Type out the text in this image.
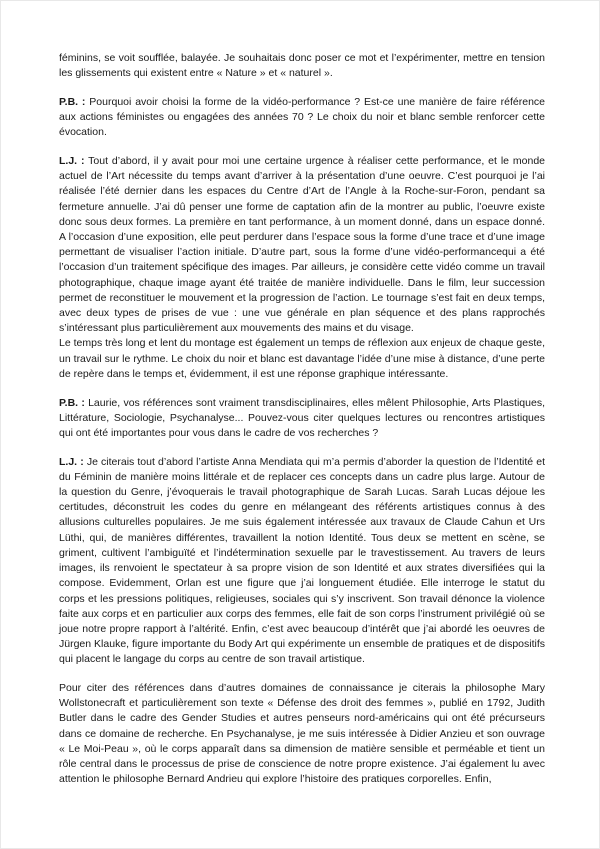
féminins, se voit soufflée, balayée. Je souhaitais donc poser ce mot et l’expérimenter, mettre en tension les glissements qui existent entre « Nature » et « naturel ».

P.B. : Pourquoi avoir choisi la forme de la vidéo-performance ? Est-ce une manière de faire référence aux actions féministes ou engagées des années 70 ? Le choix du noir et blanc semble renforcer cette évocation.

L.J. : Tout d’abord, il y avait pour moi une certaine urgence à réaliser cette performance, et le monde actuel de l’Art nécessite du temps avant d’arriver à la présentation d’une oeuvre. C’est pourquoi je l’ai réalisée l’été dernier dans les espaces du Centre d’Art de l’Angle à la Roche-sur-Foron, pendant sa fermeture annuelle. J’ai dû penser une forme de captation afin de la montrer au public, l’oeuvre existe donc sous deux formes. La première en tant performance, à un moment donné, dans un espace donné. A l’occasion d’une exposition, elle peut perdurer dans l’espace sous la forme d’une trace et d’une image permettant de visualiser l’action initiale. D’autre part, sous la forme d’une vidéo-performancequi a été l’occasion d’un traitement spécifique des images. Par ailleurs, je considère cette vidéo comme un travail photographique, chaque image ayant été traitée de manière individuelle. Dans le film, leur succession permet de reconstituer le mouvement et la progression de l’action. Le tournage s’est fait en deux temps, avec deux types de prises de vue : une vue générale en plan séquence et des plans rapprochés s’intéressant plus particulièrement aux mouvements des mains et du visage.

Le temps très long et lent du montage est également un temps de réflexion aux enjeux de chaque geste, un travail sur le rythme. Le choix du noir et blanc est davantage l’idée d’une mise à distance, d’une perte de repère dans le temps et, évidemment, il est une réponse graphique intéressante.

P.B. : Laurie, vos références sont vraiment transdisciplinaires, elles mêlent Philosophie, Arts Plastiques, Littérature, Sociologie, Psychanalyse... Pouvez-vous citer quelques lectures ou rencontres artistiques qui ont été importantes pour vous dans le cadre de vos recherches ?

L.J. : Je citerais tout d’abord l’artiste Anna Mendiata qui m’a permis d’aborder la question de l’Identité et du Féminin de manière moins littérale et de replacer ces concepts dans un cadre plus large. Autour de la question du Genre, j’évoquerais le travail photographique de Sarah Lucas. Sarah Lucas déjoue les certitudes, déconstruit les codes du genre en mélangeant des référents artistiques connus à des allusions culturelles populaires. Je me suis également intéressée aux travaux de Claude Cahun et Urs Lüthi, qui, de manières différentes, travaillent la notion Identité. Tous deux se mettent en scène, se griment, cultivent l’ambiguïté et l’indétermination sexuelle par le travestissement. Au travers de leurs images, ils renvoient le spectateur à sa propre vision de son Identité et aux strates diversifiées qui la compose. Evidemment, Orlan est une figure que j’ai longuement étudiée. Elle interroge le statut du corps et les pressions politiques, religieuses, sociales qui s’y inscrivent. Son travail dénonce la violence faite aux corps et en particulier aux corps des femmes, elle fait de son corps l’instrument privilégié où se joue notre propre rapport à l’altérité. Enfin, c’est avec beaucoup d’intérêt que j’ai abordé les oeuvres de Jürgen Klauke, figure importante du Body Art qui expérimente un ensemble de pratiques et de dispositifs qui placent le langage du corps au centre de son travail artistique.

Pour citer des références dans d’autres domaines de connaissance je citerais la philosophe Mary Wollstonecraft et particulièrement son texte « Défense des droit des femmes », publié en 1792, Judith Butler dans le cadre des Gender Studies et autres penseurs nord-américains qui ont été précurseurs dans ce domaine de recherche. En Psychanalyse, je me suis intéressée à Didier Anzieu et son ouvrage « Le Moi-Peau », où le corps apparaît dans sa dimension de matière sensible et perméable et tient un rôle central dans le processus de prise de conscience de notre propre existence. J’ai également lu avec attention le philosophe Bernard Andrieu qui explore l’histoire des pratiques corporelles. Enfin,
